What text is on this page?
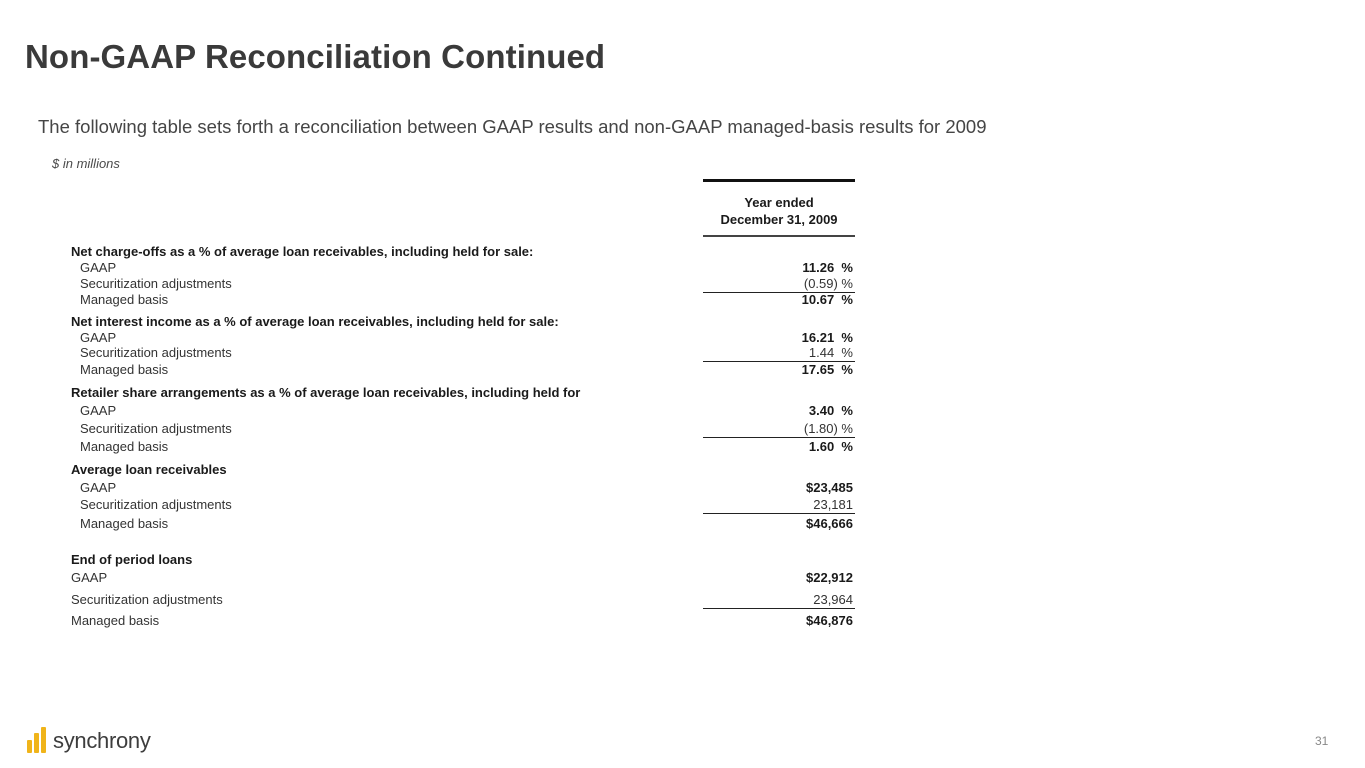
Non-GAAP Reconciliation Continued
The following table sets forth a reconciliation between GAAP results and non-GAAP managed-basis results for 2009
$ in millions
Year ended
December 31, 2009
Net charge-offs as a % of average loan receivables, including held for sale:
GAAP	11.26  %
Securitization adjustments	(0.59) %
Managed basis	10.67  %
Net interest income as a % of average loan receivables, including held for sale:
GAAP	16.21  %
Securitization adjustments	1.44  %
Managed basis	17.65  %
Retailer share arrangements as a % of average loan receivables, including held for
GAAP	3.40  %
Securitization adjustments	(1.80) %
Managed basis	1.60  %
Average loan receivables
GAAP	$23,485
Securitization adjustments	23,181
Managed basis	$46,666
End of period loans
GAAP	$22,912
Securitization adjustments	23,964
Managed basis	$46,876
synchrony	31
